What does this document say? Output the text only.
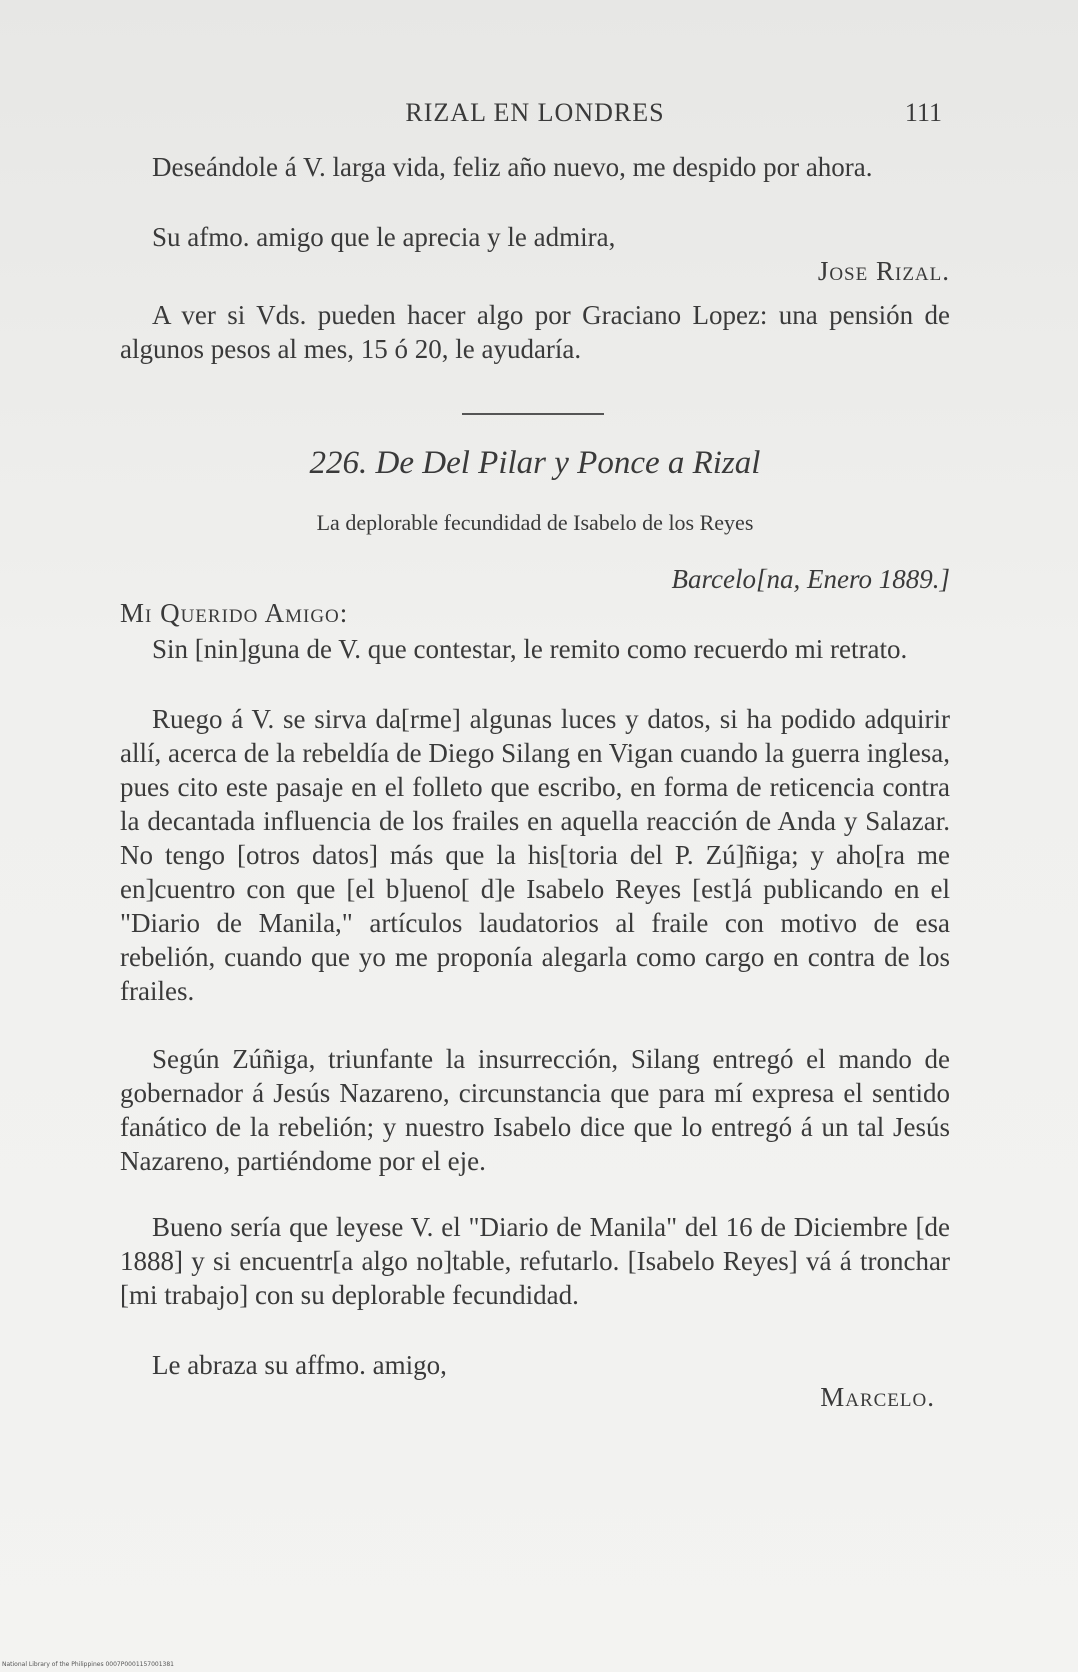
RIZAL EN LONDRES	111

Deseándole á V. larga vida, feliz año nuevo, me despido por ahora.

Su afmo. amigo que le aprecia y le admira,

Jose Rizal.

A ver si Vds. pueden hacer algo por Graciano Lopez: una pensión de algunos pesos al mes, 15 ó 20, le ayudaría.

226. De Del Pilar y Ponce a Rizal
La deplorable fecundidad de Isabelo de los Reyes

Barcelo[na, Enero 1889.]

Mi Querido Amigo:

Sin [nin]guna de V. que contestar, le remito como recuerdo mi retrato.

Ruego á V. se sirva da[rme] algunas luces y datos, si ha podido adquirir allí, acerca de la rebeldía de Diego Silang en Vigan cuando la guerra inglesa, pues cito este pasaje en el folleto que escribo, en forma de reticencia contra la decantada influencia de los frailes en aquella reacción de Anda y Salazar. No tengo [otros datos] más que la his[toria del P. Zú]ñiga; y aho[ra me en]cuentro con que [el b]ueno[ d]e Isabelo Reyes [est]á publicando en el "Diario de Manila," artículos laudatorios al fraile con motivo de esa rebelión, cuando que yo me proponía alegarla como cargo en contra de los frailes.

Según Zúñiga, triunfante la insurrección, Silang entregó el mando de gobernador á Jesús Nazareno, circunstancia que para mí expresa el sentido fanático de la rebelión; y nuestro Isabelo dice que lo entregó á un tal Jesús Nazareno, partiéndome por el eje.

Bueno sería que leyese V. el "Diario de Manila" del 16 de Diciembre [de 1888] y si encuentr[a algo no]table, refutarlo. [Isabelo Reyes] vá á tronchar [mi trabajo] con su deplorable fecundidad.

Le abraza su affmo. amigo,

Marcelo.

National Library of the Philippines 0007P0001157001381
